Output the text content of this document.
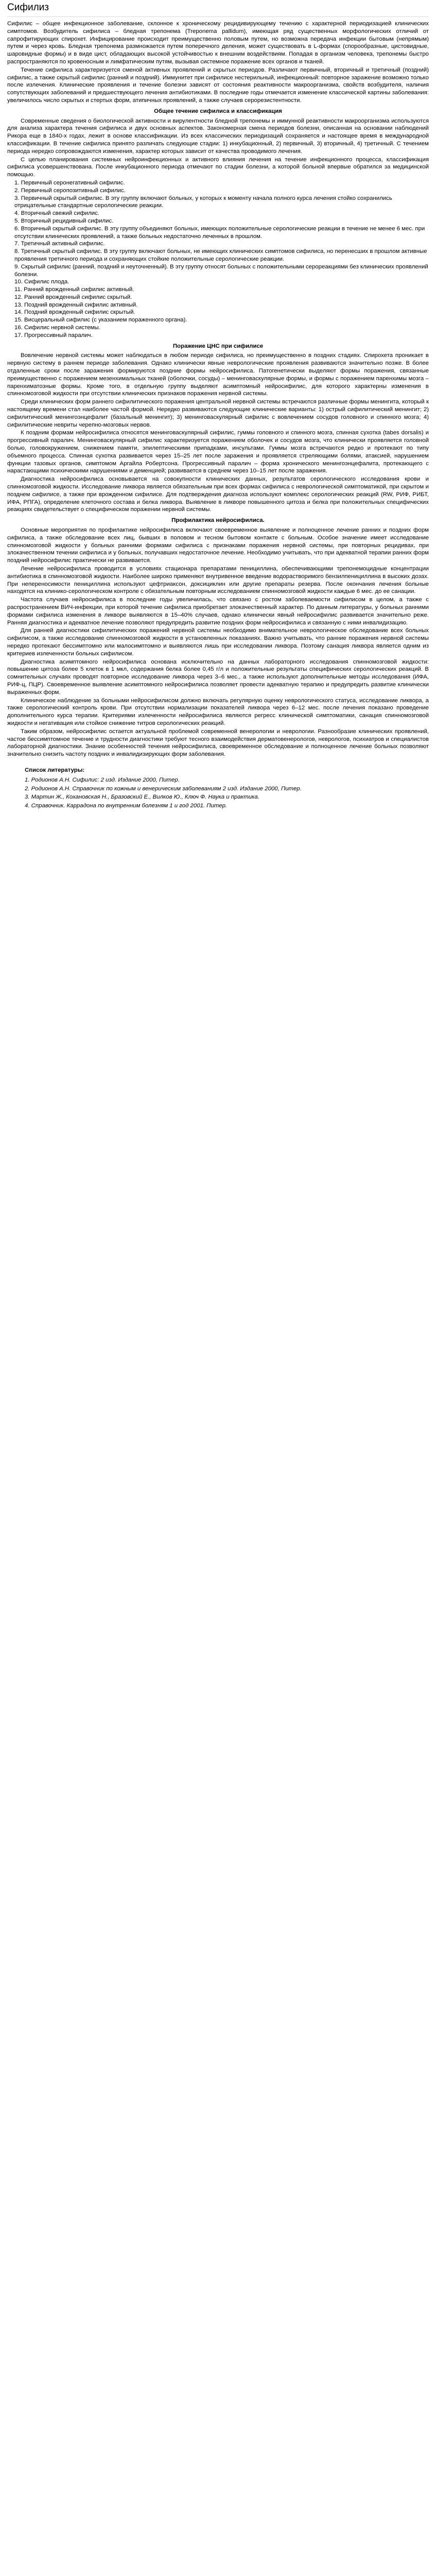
Сифилиз

Сифилис – общее инфекционное заболевание, склонное к хроническому рецидивирующему течению с характерной периодизацией клинических симптомов. Возбудитель сифилиса – бледная трепонема (Treponema pallidum), имеющая ряд существенных морфологических отличий от сапрофитирующих спирохет. Инфицирование происходит преимущественно половым путем, но возможна передача инфекции бытовым (непрямым) путем и через кровь. Бледная трепонема размножается путем поперечного деления, может существовать в L-формах (спорообразные, цистовидные, шаровидные формы) и в виде цист, обладающих высокой устойчивостью к внешним воздействиям. Попадая в организм человека, трепонемы быстро распространяются по кровеносным и лимфатическим путям, вызывая системное поражение всех органов и тканей.

Течение сифилиса характеризуется сменой активных проявлений и скрытых периодов. Различают первичный, вторичный и третичный (поздний) сифилис, а также скрытый сифилис (ранний и поздний). Иммунитет при сифилисе нестерильный, инфекционный: повторное заражение возможно только после излечения. Клинические проявления и течение болезни зависят от состояния реактивности макроорганизма, свойств возбудителя, наличия сопутствующих заболеваний и предшествующего лечения антибиотиками. В последние годы отмечается изменение классической картины заболевания: увеличилось число скрытых и стертых форм, атипичных проявлений, а также случаев серорезистентности.

Общее течение сифилиса и классификация

Современные сведения о биологической активности и вирулентности бледной трепонемы и иммунной реактивности макроорганизма используются для анализа характера течения сифилиса и двух основных аспектов. Закономерная смена периодов болезни, описанная на основании наблюдений Рикора еще в 1840-х годах, лежит в основе классификации. Из всех классических периодизаций сохраняется и настоящее время в международной классификации. В течение сифилиса принято различать следующие стадии: 1) инкубационный, 2) первичный, 3) вторичный, 4) третичный. С течением периода нередко сопровождаются изменения, характер которых зависит от качества проводимого лечения.

С целью планирования системных нейроинфекционных и активного влияния лечения на течение инфекционного процесса, классификация сифилиса усовершенствована. После инкубационного периода отмечают по стадии болезни, а которой больной впервые обратился за медицинской помощью.

1. Первичный серонегативный сифилис.
2. Первичный серопозитивный сифилис.
3. Первичный скрытый сифилис. В эту группу включают больных, у которых к моменту начала полного курса лечения стойко сохранились отрицательные стандартные серологические реакции.
4. Вторичный свежий сифилис.
5. Вторичный рецидивный сифилис.
6. Вторичный скрытый сифилис. В эту группу объединяют больных, имеющих положительные серологические реакции в течение не менее 6 мес. при отсутствии клинических проявлений, а также больных недостаточно леченных в прошлом.
7. Третичный активный сифилис.
8. Третичный скрытый сифилис. В эту группу включают больных, не имеющих клинических симптомов сифилиса, но перенесших в прошлом активные проявления третичного периода и сохраняющих стойкие положительные серологические реакции.
9. Скрытый сифилис (ранний, поздний и неуточненный). В эту группу относят больных с положительными серореакциями без клинических проявлений болезни.
10. Сифилис плода.
11. Ранний врожденный сифилис активный.
12. Ранний врожденный сифилис скрытый.
13. Поздний врожденный сифилис активный.
14. Поздний врожденный сифилис скрытый.
15. Висцеральный сифилис (с указанием пораженного органа).
16. Сифилис нервной системы.
17. Прогрессивный паралич.
Поражение ЦНС при сифилисе

Вовлечение нервной системы может наблюдаться в любом периоде сифилиса, но преимущественно в поздних стадиях. Спирохета проникает в нервную систему в раннем периоде заболевания. Однако клинически явные неврологические проявления развиваются значительно позже. В более отдаленные сроки после заражения формируются поздние формы нейросифилиса. Патогенетически выделяют формы поражения, связанные преимущественно с поражением мезенхимальных тканей (оболочки, сосуды) – менинговаскулярные формы, и формы с поражением паренхимы мозга – паренхиматозные формы. Кроме того, в отдельную группу выделяют асимптомный нейросифилис, для которого характерны изменения в спинномозговой жидкости при отсутствии клинических признаков поражения нервной системы.

Среди клинических форм раннего сифилитического поражения центральной нервной системы встречаются различные формы менингита, который к настоящему времени стал наиболее частой формой. Нередко развиваются следующие клинические варианты: 1) острый сифилитический менингит; 2) сифилитический менингоэнцефалит (базальный менингит); 3) менинговаскулярный сифилис с вовлечением сосудов головного и спинного мозга; 4) сифилитические невриты черепно-мозговых нервов.

К поздним формам нейросифилиса относятся менинговаскулярный сифилис, гуммы головного и спинного мозга, спинная сухотка (tabes dorsalis) и прогрессивный паралич. Менинговаскулярный сифилис характеризуется поражением оболочек и сосудов мозга, что клинически проявляется головной болью, головокружением, снижением памяти, эпилептическими припадками, инсультами. Гуммы мозга встречаются редко и протекают по типу объемного процесса. Спинная сухотка развивается через 15–25 лет после заражения и проявляется стреляющими болями, атаксией, нарушением функции тазовых органов, симптомом Аргайла Робертсона. Прогрессивный паралич – форма хронического менингоэнцефалита, протекающего с нарастающими психическими нарушениями и деменцией; развивается в среднем через 10–15 лет после заражения.

Диагностика нейросифилиса основывается на совокупности клинических данных, результатов серологического исследования крови и спинномозговой жидкости. Исследование ликвора является обязательным при всех формах сифилиса с неврологической симптоматикой, при скрытом и позднем сифилисе, а также при врожденном сифилисе. Для подтверждения диагноза используют комплекс серологических реакций (RW, РИФ, РИБТ, ИФА, РПГА), определение клеточного состава и белка ликвора. Выявление в ликворе повышенного цитоза и белка при положительных специфических реакциях свидетельствует о специфическом поражении нервной системы.

Профилактика нейросифилиса.

Основные мероприятия по профилактике нейросифилиса включают своевременное выявление и полноценное лечение ранних и поздних форм сифилиса, а также обследование всех лиц, бывших в половом и тесном бытовом контакте с больным. Особое значение имеет исследование спинномозговой жидкости у больных ранними формами сифилиса с признаками поражения нервной системы, при повторных рецидивах, при злокачественном течении сифилиса и у больных, получавших недостаточное лечение. Необходимо учитывать, что при адекватной терапии ранних форм поздний нейросифилис практически не развивается.

Лечение нейросифилиса проводится в условиях стационара препаратами пенициллина, обеспечивающими трепонемоцидные концентрации антибиотика в спинномозговой жидкости. Наиболее широко применяют внутривенное введение водорастворимого бензилпенициллина в высоких дозах. При непереносимости пенициллина используют цефтриаксон, доксициклин или другие препараты резерва. После окончания лечения больные находятся на клинико-серологическом контроле с обязательным повторным исследованием спинномозговой жидкости каждые 6 мес. до ее санации.

Частота случаев нейросифилиса в последние годы увеличилась, что связано с ростом заболеваемости сифилисом в целом, а также с распространением ВИЧ-инфекции, при которой течение сифилиса приобретает злокачественный характер. По данным литературы, у больных ранними формами сифилиса изменения в ликворе выявляются в 15–40% случаев, однако клинически явный нейросифилис развивается значительно реже. Ранняя диагностика и адекватное лечение позволяют предупредить развитие поздних форм нейросифилиса и связанную с ними инвалидизацию.

Для ранней диагностики сифилитических поражений нервной системы необходимо внимательное неврологическое обследование всех больных сифилисом, а также исследование спинномозговой жидкости в установленных показаниях. Важно учитывать, что ранние поражения нервной системы нередко протекают бессимптомно или малосимптомно и выявляются лишь при исследовании ликвора. Поэтому санация ликвора является одним из критериев излеченности больных сифилисом.

Диагностика асимптомного нейросифилиса основана исключительно на данных лабораторного исследования спинномозговой жидкости: повышение цитоза более 5 клеток в 1 мкл, содержания белка более 0,45 г/л и положительные результаты специфических серологических реакций. В сомнительных случаях проводят повторное исследование ликвора через 3–6 мес., а также используют дополнительные методы исследования (ИФА, РИФ-ц, ПЦР). Своевременное выявление асимптомного нейросифилиса позволяет провести адекватную терапию и предупредить развитие клинически выраженных форм.

Клиническое наблюдение за больными нейросифилисом должно включать регулярную оценку неврологического статуса, исследование ликвора, а также серологический контроль крови. При отсутствии нормализации показателей ликвора через 6–12 мес. после лечения показано проведение дополнительного курса терапии. Критериями излеченности нейросифилиса являются регресс клинической симптоматики, санация спинномозговой жидкости и негативация или стойкое снижение титров серологических реакций.

Таким образом, нейросифилис остается актуальной проблемой современной венерологии и неврологии. Разнообразие клинических проявлений, частое бессимптомное течение и трудности диагностики требуют тесного взаимодействия дерматовенерологов, неврологов, психиатров и специалистов лабораторной диагностики. Знание особенностей течения нейросифилиса, своевременное обследование и полноценное лечение больных позволяют значительно снизить частоту поздних и инвалидизирующих форм заболевания.

Список литературы:
1. Родионов А.Н. Сифилис: 2 изд. Издание 2000, Питер.
2. Родионов А.Н. Справочник по кожным и венерическим заболеваниям 2 изд. Издание 2000, Питер.
3. Мартин Ж., Кохановская Н., Бразовский Е., Вилков Ю., Ключ Ф. Наука и практика.
4. Справочник. Каррадона по внутренним болезням 1 и год 2001. Питер.
